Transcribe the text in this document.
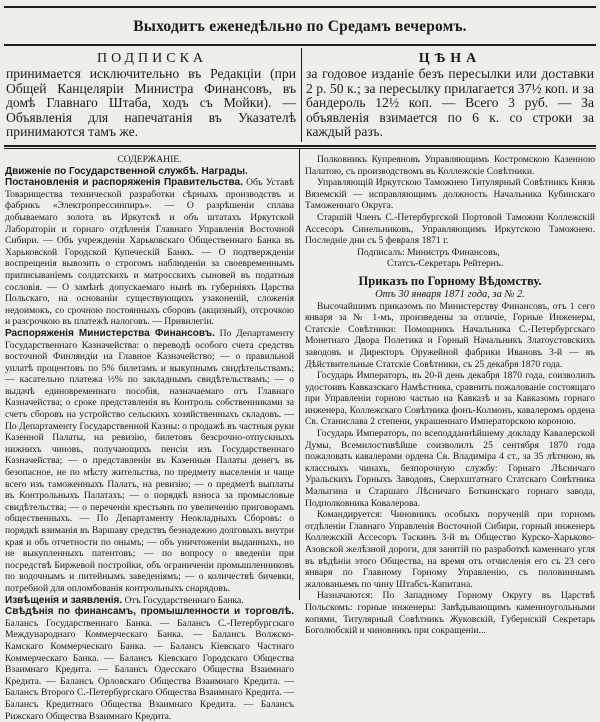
Выходитъ еженедѣльно по Средамъ вечеромъ.
ПОДПИСКА	ЦѢНА
принимается исключительно въ Редакціи (при Общей Канцеляріи Министра Финансовъ, въ домѣ Главнаго Штаба, ходъ съ Мойки). — Объявленія для напечатанія въ Указателѣ принимаются тамъ же.
за годовое изданіе безъ пересылки или доставки 2 р. 50 к.; за пересылку прилагается 37½ коп. и за бандероль 12½ коп. — Всего 3 руб. — За объявленія взимается по 6 к. со строки за каждый разъ.

СОДЕРЖАНІЕ.

Движеніе по Государственной службѣ. Награды.

Постановленія и распоряженія Правительства. Объ Уставѣ Товарищества технической разработки сѣрныхъ производствъ и фабрикъ «Электропрессинпиръ». — О разрѣшеніи сплава добываемаго золота въ Иркутскѣ и объ штатахъ Иркутской Лабораторіи и горнаго отдѣленія Главнаго Управленія Восточной Сибири. — Объ учрежденіи Харьковскаго Общественнаго Банка въ Харьковской Городской Купеческій Банкъ. — О подтвержденіи воспрещенія вывозить о строгомъ наблюденіи за своевременнымъ приписываніемъ солдатскихъ и матросскихъ сыновей въ податныя сословія. — О замѣнѣ допускаемаго нынѣ въ губерніяхъ Царства Польскаго, на основаніи существующихъ узаконеній, сложенія недоимокъ, со срочною постоянныхъ сборовъ (акцизный), отсрочкою и разсрочкою въ платежѣ налоговъ. — Привилегіи.

Распоряженія Министерства Финансовъ. По Департаменту Государственнаго Казначейства: о переводѣ особого счета средствъ восточной Финляндіи на Главное Казначейство; — о правильной уплатѣ процентовъ по 5% билетамъ и выкупнымъ свидѣтельствамъ; — касательно платежа ½% по закладнымъ свидѣтельствамъ; — о выдачѣ единовременнаго пособія, назначаемаго отъ Главнаго Казначейства; о сроке представленія въ Контроль собственниками за счетъ сборовъ на устройство сельскихъ хозяйственныхъ складовъ. — По Департаменту Государственной Казны: о продажѣ въ частныя руки Казенной Палаты, на ревизію, билетовъ безсрочно-отпускныхъ нижнихъ чиновъ, получающихъ пенсіи изъ Государственнаго Казначейства; — о представленіи въ Казенныя Палаты денегъ въ безопасное, не по мѣсту жительства, по предмету выселенія и чаще всего изъ таможенныхъ Палатъ, на ревизію; — о предметѣ выплаты въ Контрольныхъ Палатахъ; — о порядкѣ взноса за промысловые свидѣтельства; — о переченіи крестьянъ по увеличенію приговорамъ общественныхъ. — По Департаменту Неокладныхъ Сборовъ: о порядкѣ взиманія въ Варшаву средствъ безнадежно долговыхъ внутри края и объ отчетности по онымъ; — объ уничтоженіи выданныхъ, но не выкупленныхъ патентовъ; — по вопросу о введеніи при посредствѣ Биржевой постройки, объ ограниченіи промышленниковъ по водочнымъ и питейнымъ заведеніямъ; — о количествѣ бичевки, потребной для опломбованія контрольныхъ снарядовъ.

Извѣщенія и заявленія. Отъ Государственнаго Банка.

Свѣдѣнія по финансамъ, промышленности и торговлѣ. Балансъ Государственнаго Банка. — Балансъ С.-Петербургскаго Международнаго Коммерческаго Банка. — Балансъ Волжско-Камскаго Коммерческаго Банка. — Балансъ Кіевскаго Частнаго Коммерческаго Банка. — Балансъ Кіевскаго Городскаго Общества Взаимнаго Кредита. — Балансъ Одесскаго Общества Взаимнаго Кредита. — Балансъ Орловскаго Общества Взаимнаго Кредита. — Балансъ Второго С.-Петербургскаго Общества Взаимнаго Кредита. — Балансъ Кредитнаго Общества Взаимнаго Кредита. — Балансъ Рижскаго Общества Взаимнаго Кредита.

Полковникъ Купреяновъ Управляющимъ Костромскою Казенною Палатою, съ производствомъ въ Коллежскіе Совѣтники.

Управляющій Иркутскою Таможнею Титулярный Совѣтникъ Князь Вяземскій — исправляющимъ должность Начальника Кубинскаго Таможеннаго Округа.

Старшій Членъ С.-Петербургской Портовой Таможни Коллежскій Ассесоръ Синельниковъ, Управляющимъ Иркутскою Таможнею. Последніе дни съ 5 февраля 1871 г.

Подписалъ: Министръ Финансовъ,

Статсъ-Секретарь Рейтернъ.

Приказъ по Горному Вѣдомству.

Отъ 30 января 1871 года, за № 2.

Высочайшимъ приказомъ по Министерству Финансовъ, отъ 1 сего января за № 1-мъ, произведены за отличіе, Горные Инженеры, Статскіе Совѣтники: Помощникъ Начальника С.-Петербургскаго Монетнаго Двора Полетика и Горный Начальникъ Златоустовскихъ заводовъ и Директоръ Оружейной фабрики Ивановъ 3-й — въ Дѣйствительные Статскіе Совѣтники, съ 25 декабря 1870 года.

Государь Императоръ, въ 20-й день декабря 1870 года, соизволилъ удостоивъ Кавказскаго Намѣстника, сравнить пожалованіе состоящаго при Управленіи горною частью на Кавказѣ и за Кавказомъ горнаго инженера, Коллежскаго Совѣтника фонъ-Колмонъ, кавалеромъ ордена Св. Станислава 2 степени, украшеннаго Императорскою короною.

Государь Императоръ, по всеподданнѣйшему докладу Кавалерской Думы, Всемилостивѣйше соизволилъ 25 сентября 1870 года пожаловать кавалерами ордена Св. Владиміра 4 ст., за 35 лѣтнюю, въ классныхъ чинахъ, безпорочную службу: Горнаго Лѣсничаго Уральскихъ Горныхъ Заводовъ, Сверхштатнаго Статскаго Совѣтника Малыгина и Старшаго Лѣсничаго Боткинскаго горнаго завода, Подполковника Ковалерова.

Командируется: Чиновникъ особыхъ порученій при горномъ отдѣленіи Главнаго Управленія Восточной Сибири, горный инженеръ Коллежскій Ассесоръ Таскинъ 3-й въ Общество Курско-Харьково-Азовской желѣзной дороги, для занятій по разработкѣ каменнаго угля въ вѣдѣніи этого Общества, на время отъ отчисленія его съ 23 сего января по Главному Горному Управленію, съ половиннымъ жалованьемъ по чину Штабсъ-Капитана.

Назначаются: По Западному Горному Округу въ Царствѣ Польскомъ: горные инженеры: Завѣдывающимъ каменноугольными копями, Титулярный Совѣтникъ Жуковскій, Губернскій Секретарь Боголюбскій и чиновникъ при сокращеніи...
